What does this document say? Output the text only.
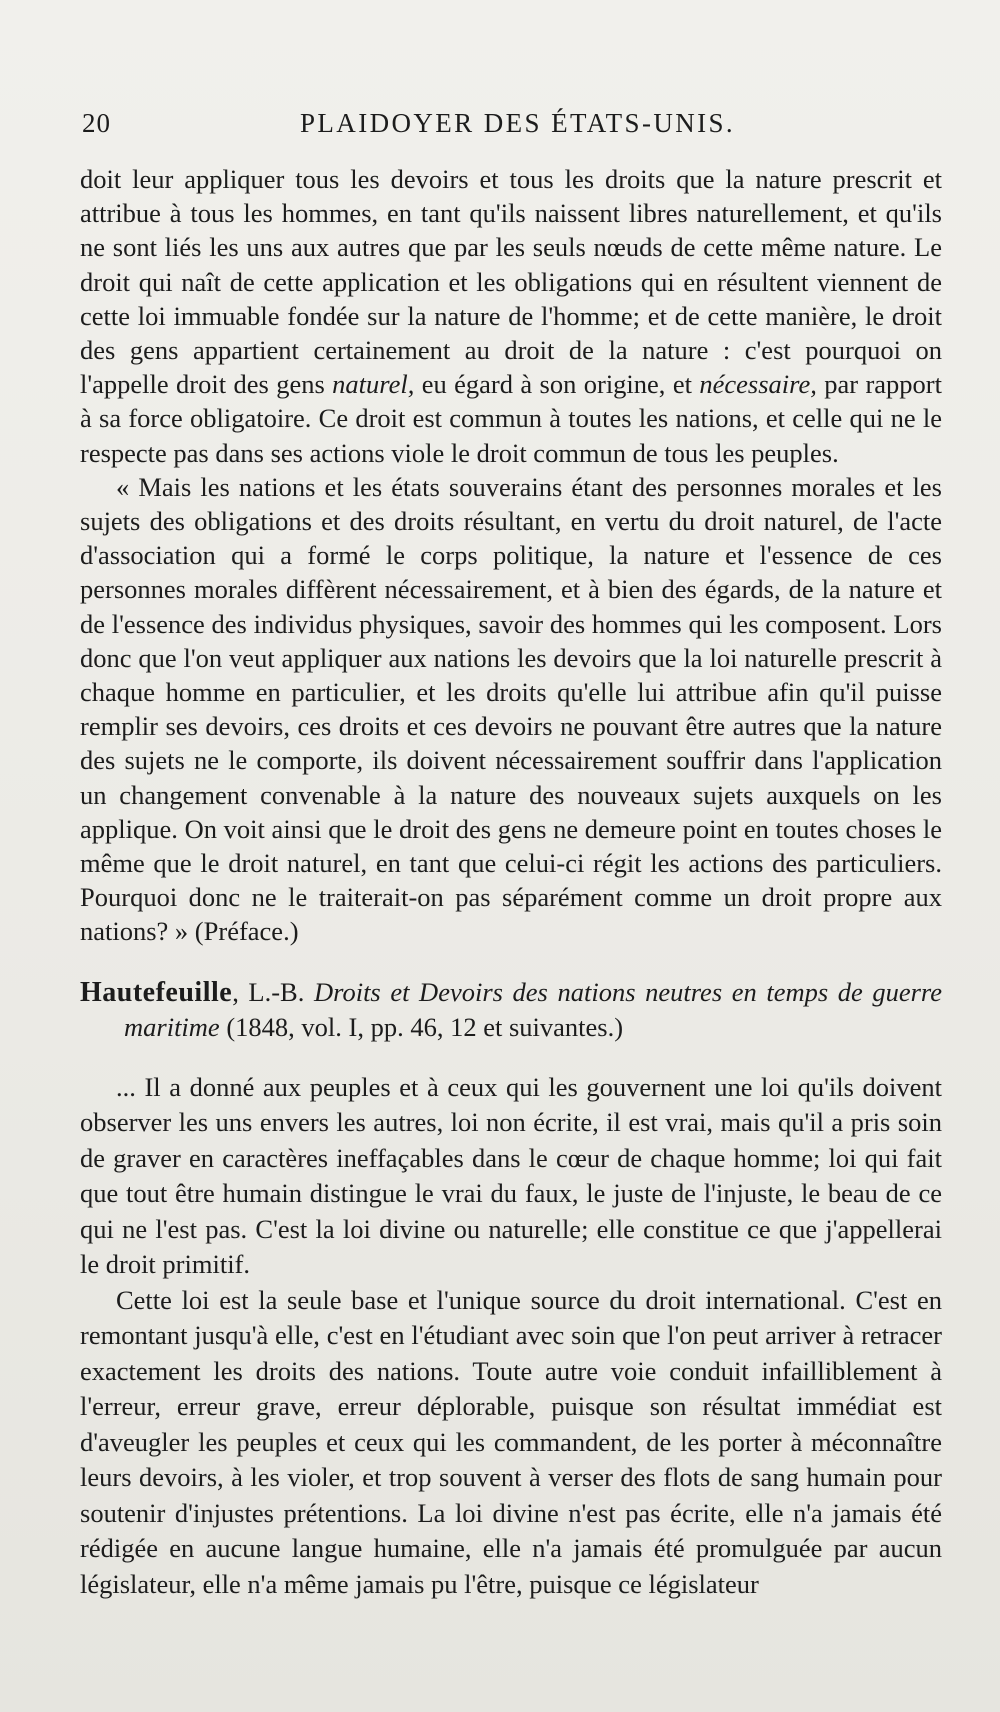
20	PLAIDOYER DES ÉTATS-UNIS.

doit leur appliquer tous les devoirs et tous les droits que la nature prescrit et attribue à tous les hommes, en tant qu'ils naissent libres naturellement, et qu'ils ne sont liés les uns aux autres que par les seuls nœuds de cette même nature. Le droit qui naît de cette application et les obligations qui en résultent viennent de cette loi immuable fondée sur la nature de l'homme; et de cette manière, le droit des gens appartient certainement au droit de la nature : c'est pourquoi on l'appelle droit des gens naturel, eu égard à son origine, et nécessaire, par rapport à sa force obligatoire. Ce droit est commun à toutes les nations, et celle qui ne le respecte pas dans ses actions viole le droit commun de tous les peuples.

« Mais les nations et les états souverains étant des personnes morales et les sujets des obligations et des droits résultant, en vertu du droit naturel, de l'acte d'association qui a formé le corps politique, la nature et l'essence de ces personnes morales diffèrent nécessairement, et à bien des égards, de la nature et de l'essence des individus physiques, savoir des hommes qui les composent. Lors donc que l'on veut appliquer aux nations les devoirs que la loi naturelle prescrit à chaque homme en particulier, et les droits qu'elle lui attribue afin qu'il puisse remplir ses devoirs, ces droits et ces devoirs ne pouvant être autres que la nature des sujets ne le comporte, ils doivent nécessairement souffrir dans l'application un changement convenable à la nature des nouveaux sujets auxquels on les applique. On voit ainsi que le droit des gens ne demeure point en toutes choses le même que le droit naturel, en tant que celui-ci régit les actions des particuliers. Pourquoi donc ne le traiterait-on pas séparément comme un droit propre aux nations? » (Préface.)

Hautefeuille, L.-B. Droits et Devoirs des nations neutres en temps de guerre maritime (1848, vol. I, pp. 46, 12 et suivantes.)

... Il a donné aux peuples et à ceux qui les gouvernent une loi qu'ils doivent observer les uns envers les autres, loi non écrite, il est vrai, mais qu'il a pris soin de graver en caractères ineffaçables dans le cœur de chaque homme; loi qui fait que tout être humain distingue le vrai du faux, le juste de l'injuste, le beau de ce qui ne l'est pas. C'est la loi divine ou naturelle; elle constitue ce que j'appellerai le droit primitif.

Cette loi est la seule base et l'unique source du droit international. C'est en remontant jusqu'à elle, c'est en l'étudiant avec soin que l'on peut arriver à retracer exactement les droits des nations. Toute autre voie conduit infailliblement à l'erreur, erreur grave, erreur déplorable, puisque son résultat immédiat est d'aveugler les peuples et ceux qui les commandent, de les porter à méconnaître leurs devoirs, à les violer, et trop souvent à verser des flots de sang humain pour soutenir d'injustes prétentions. La loi divine n'est pas écrite, elle n'a jamais été rédigée en aucune langue humaine, elle n'a jamais été promulguée par aucun législateur, elle n'a même jamais pu l'être, puisque ce législateur
